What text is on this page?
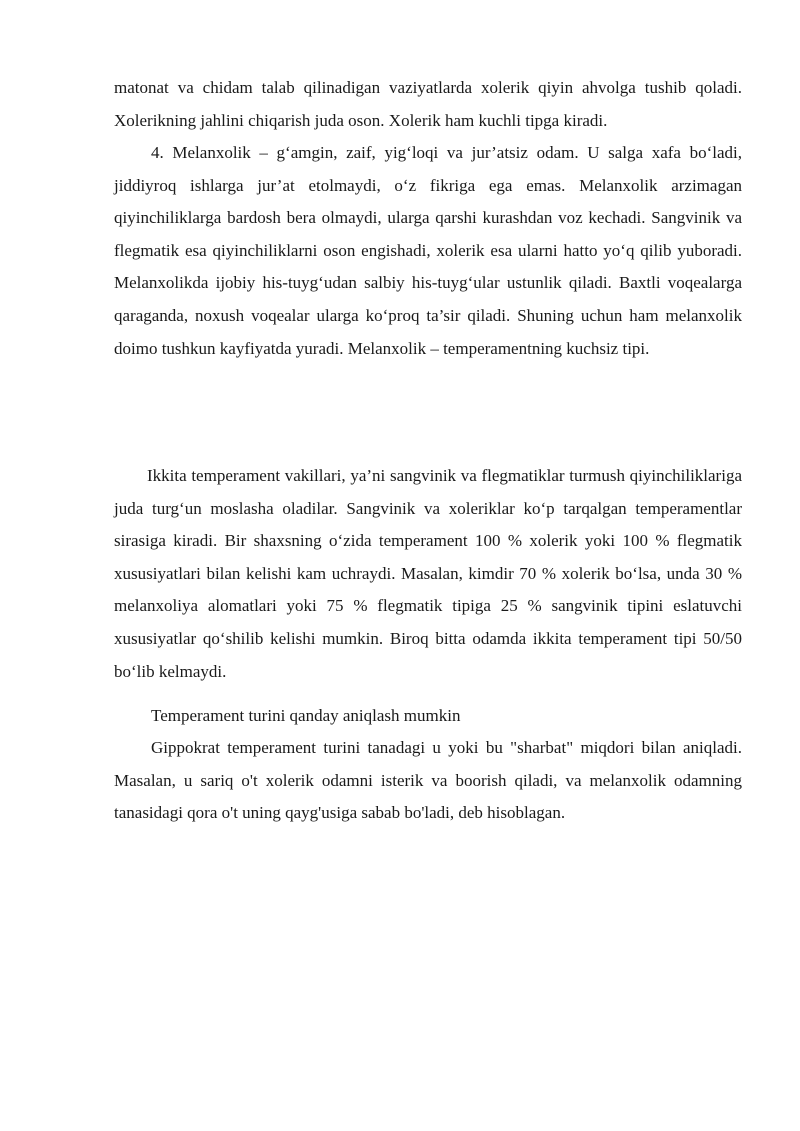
matonat va chidam talab qilinadigan vaziyatlarda xolerik qiyin ahvolga tushib qoladi. Xolerikning jahlini chiqarish juda oson. Xolerik ham kuchli tipga kiradi.

4. Melanxolik – g‘amgin, zaif, yig‘loqi va jur’atsiz odam. U salga xafa bo‘ladi, jiddiyroq ishlarga jur’at etolmaydi, o‘z fikriga ega emas. Melanxolik arzimagan qiyinchiliklarga bardosh bera olmaydi, ularga qarshi kurashdan voz kechadi. Sangvinik va flegmatik esa qiyinchiliklarni oson engishadi, xolerik esa ularni hatto yo‘q qilib yuboradi. Melanxolikda ijobiy his-tuyg‘udan salbiy his-tuyg‘ular ustunlik qiladi. Baxtli voqealarga qaraganda, noxush voqealar ularga ko‘proq ta’sir qiladi. Shuning uchun ham melanxolik doimo tushkun kayfiyatda yuradi. Melanxolik – temperamentning kuchsiz tipi.

Ikkita temperament vakillari, ya’ni sangvinik va flegmatiklar turmush qiyinchiliklariga juda turg‘un moslasha oladilar. Sangvinik va xoleriklar ko‘p tarqalgan temperamentlar sirasiga kiradi. Bir shaxsning o‘zida temperament 100 % xolerik yoki 100 % flegmatik xususiyatlari bilan kelishi kam uchraydi. Masalan, kimdir 70 % xolerik bo‘lsa, unda 30 % melanxoliya alomatlari yoki 75 % flegmatik tipiga 25 % sangvinik tipini eslatuvchi xususiyatlar qo‘shilib kelishi mumkin. Biroq bitta odamda ikkita temperament tipi 50/50 bo‘lib kelmaydi.

Temperament turini qanday aniqlash mumkin

Gippokrat temperament turini tanadagi u yoki bu "sharbat" miqdori bilan aniqladi. Masalan, u sariq o't xolerik odamni isterik va boorish qiladi, va melanxolik odamning tanasidagi qora o't uning qayg'usiga sabab bo'ladi, deb hisoblagan.
